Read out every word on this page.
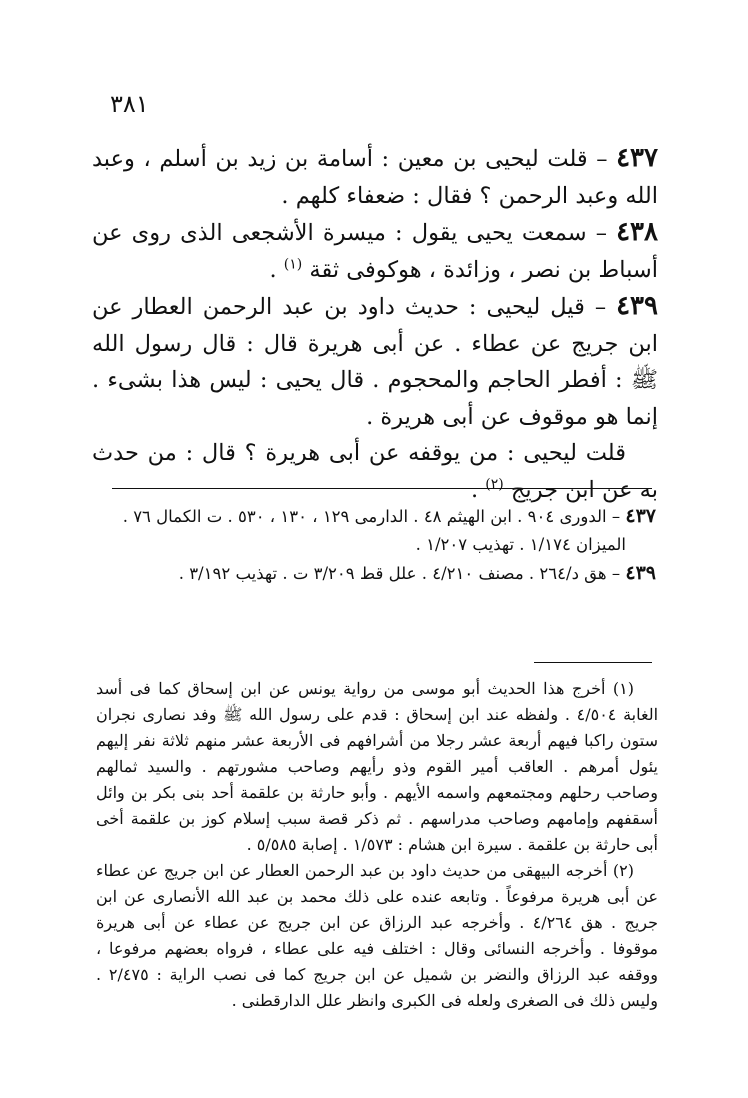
٣٨١

٤٣٧ – قلت ليحيى بن معين : أسامة بن زيد بن أسلم ، وعبد الله وعبد الرحمن ؟ فقال : ضعفاء كلهم .

٤٣٨ – سمعت يحيى يقول : ميسرة الأشجعى الذى روى عن أسباط بن نصر ، وزائدة ، هوكوفى ثقة $^{(١)}$ .

٤٣٩ – قيل ليحيى : حديث داود بن عبد الرحمن العطار عن ابن جريج عن عطاء . عن أبى هريرة قال : قال رسول الله ﷺ : أفطر الحاجم والمحجوم . قال يحيى : ليس هذا بشىء . إنما هو موقوف عن أبى هريرة .

قلت ليحيى : من يوقفه عن أبى هريرة ؟ قال : من حدث به عن ابن جريج $^{(٢)}$ .

٤٣٧ – الدورى ٩٠٤ . ابن الهيثم ٤٨ . الدارمى ١٢٩ ، ١٣٠ ، ٥٣٠ . ت الكمال ٧٦ .

الميزان ١/١٧٤ . تهذيب ١/٢٠٧ .

٤٣٩ – هق د/٢٦٤ . مصنف ٤/٢١٠ . علل قط ٣/٢٠٩ ت . تهذيب ٣/١٩٢ .

(١) أخرج هذا الحديث أبو موسى من رواية يونس عن ابن إسحاق كما فى أسد الغابة ٤/٥٠٤ . ولفظه عند ابن إسحاق : قدم على رسول الله ﷺ وفد نصارى نجران ستون راكبا فيهم أربعة عشر رجلا من أشرافهم فى الأربعة عشر منهم ثلاثة نفر إليهم يئول أمرهم . العاقب أمير القوم وذو رأيهم وصاحب مشورتهم . والسيد ثمالهم وصاحب رحلهم ومجتمعهم واسمه الأيهم . وأبو حارثة بن علقمة أحد بنى بكر بن وائل أسقفهم وإمامهم وصاحب مدراسهم . ثم ذكر قصة سبب إسلام كوز بن علقمة أخى أبى حارثة بن علقمة . سيرة ابن هشام : ١/٥٧٣ . إصابة ٥/٥٨٥ .

(٢) أخرجه البيهقى من حديث داود بن عبد الرحمن العطار عن ابن جريج عن عطاء عن أبى هريرة مرفوعاً . وتابعه عنده على ذلك محمد بن عبد الله الأنصارى عن ابن جريج . هق ٤/٢٦٤ . وأخرجه عبد الرزاق عن ابن جريج عن عطاء عن أبى هريرة موقوفا . وأخرجه النسائى وقال : اختلف فيه على عطاء ، فرواه بعضهم مرفوعا ، ووقفه عبد الرزاق والنضر بن شميل عن ابن جريج كما فى نصب الراية : ٢/٤٧٥ . وليس ذلك فى الصغرى ولعله فى الكبرى وانظر علل الدارقطنى .
